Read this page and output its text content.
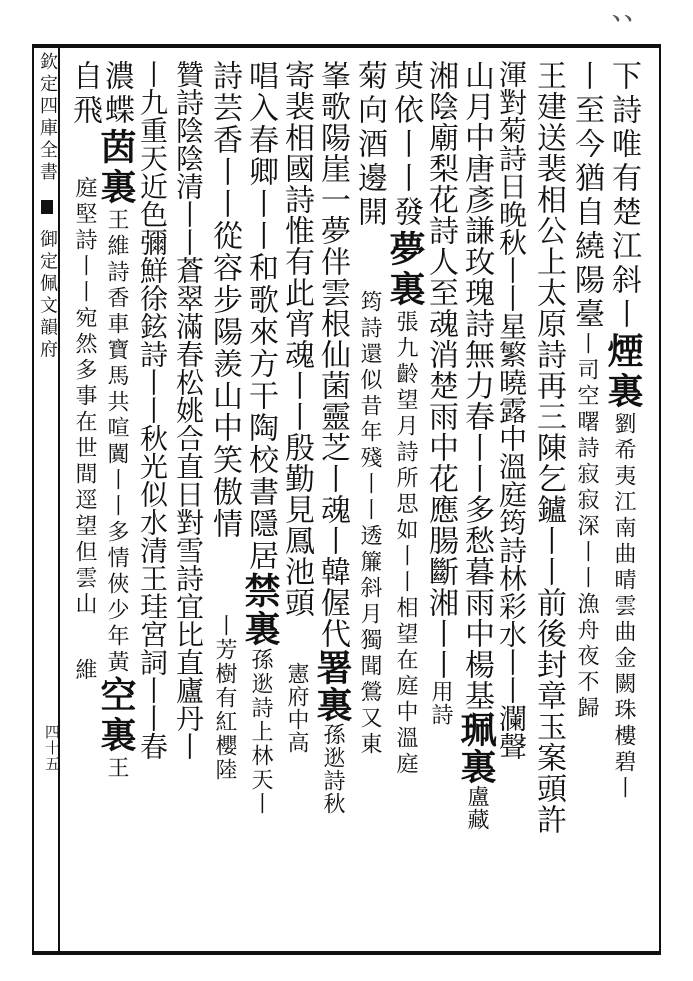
﹅﹅
欽定四庫全書  御定佩文韻府
四十五
下詩唯有楚江斜丨煙裏劉希夷江南曲晴雲曲金闕珠樓碧丨
丨至今猶自繞陽臺丨司空曙詩寂寂深丨丨漁舟夜不歸
王建送裴相公上太原詩再三陳乞鑪丨丨前後封章玉案頭許
渾對菊詩日晚秋丨丨星繁曉露中溫庭筠詩林彩水丨丨瀾聲
山月中唐彥謙玫瑰詩無力春丨丨多愁暮雨中楊基珮裏盧藏
湘陰廟梨花詩人至魂消楚雨中花應腸斷湘丨丨用詩
萸依丨丨發夢裏張九齡望月詩所思如丨丨相望在庭中溫庭
菊向酒邊開筠詩還似昔年殘丨丨透簾斜月獨聞鶯又東
峯歌陽崖一夢伴雲根仙菌靈芝丨魂丨韓偓代署裏孫逖詩秋
寄裴相國詩惟有此宵魂丨丨殷勤見鳳池頭憲府中高
唱入春卿丨丨和歌來方干陶校書隱居禁裏孫逖詩上林天丨
詩芸香丨丨從容步陽羨山中笑傲情丨芳樹有紅櫻陸
贊詩陰陰清丨丨蒼翠滿春松姚合直日對雪詩宜比直廬丹丨
丨九重天近色彌鮮徐鉉詩丨丨秋光似水清王珪宮詞丨丨春
濃蝶茵裏王維詩香車寶馬共喧闐丨丨多情俠少年黃空裏王
自飛庭堅詩丨丨宛然多事在世間逕望但雲山維
